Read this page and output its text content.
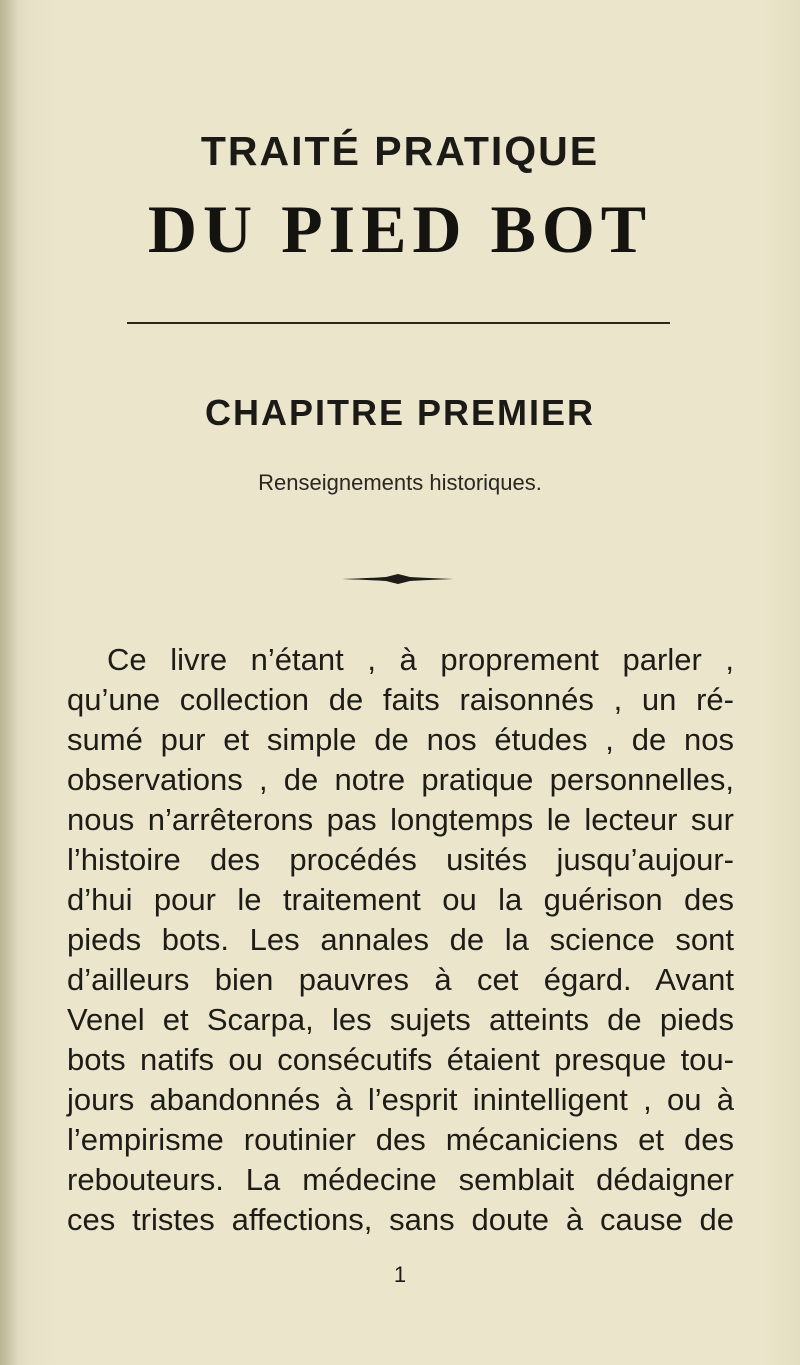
TRAITÉ PRATIQUE
DU PIED BOT
CHAPITRE PREMIER
Renseignements historiques.
Ce livre n’étant , à proprement parler ,
qu’une collection de faits raisonnés , un ré-
sumé pur et simple de nos études , de nos
observations , de notre pratique personnelles,
nous n’arrêterons pas longtemps le lecteur sur
l’histoire des procédés usités jusqu’aujour-
d’hui pour le traitement ou la guérison des
pieds bots. Les annales de la science sont
d’ailleurs bien pauvres à cet égard. Avant
Venel et Scarpa, les sujets atteints de pieds
bots natifs ou consécutifs étaient presque tou-
jours abandonnés à l’esprit inintelligent , ou à
l’empirisme routinier des mécaniciens et des
rebouteurs. La médecine semblait dédaigner
ces tristes affections, sans doute à cause de
1
